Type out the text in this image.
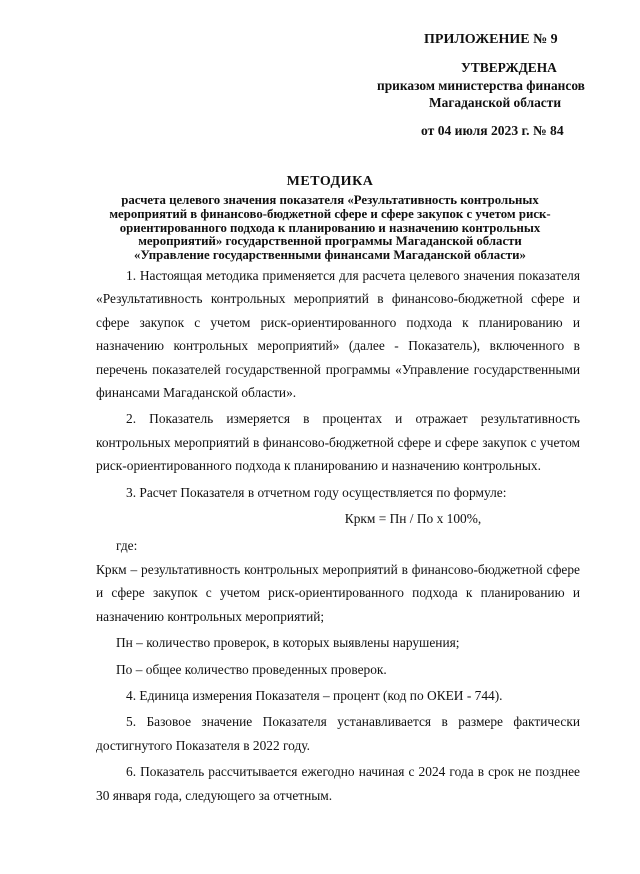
ПРИЛОЖЕНИЕ № 9
УТВЕРЖДЕНА
приказом министерства финансов
Магаданской области
от 04 июля 2023 г. № 84
МЕТОДИКА
расчета целевого значения показателя «Результативность контрольных мероприятий в финансово-бюджетной сфере и сфере закупок с учетом риск-ориентированного подхода к планированию и назначению контрольных мероприятий» государственной программы Магаданской области «Управление государственными финансами Магаданской области»

1. Настоящая методика применяется для расчета целевого значения показателя «Результативность контрольных мероприятий в финансово-бюджетной сфере и сфере закупок с учетом риск-ориентированного подхода к планированию и назначению контрольных мероприятий» (далее - Показатель), включенного в перечень показателей государственной программы «Управление государственными финансами Магаданской области».

2. Показатель измеряется в процентах и отражает результативность контрольных мероприятий в финансово-бюджетной сфере и сфере закупок с учетом риск-ориентированного подхода к планированию и назначению контрольных.

3. Расчет Показателя в отчетном году осуществляется по формуле:

Кркм = Пн / По х 100%,

где:

Кркм – результативность контрольных мероприятий в финансово-бюджетной сфере и сфере закупок с учетом риск-ориентированного подхода к планированию и назначению контрольных мероприятий;

Пн – количество проверок, в которых выявлены нарушения;

По – общее количество проведенных проверок.

4. Единица измерения Показателя – процент (код по ОКЕИ - 744).

5. Базовое значение Показателя устанавливается в размере фактически достигнутого Показателя в 2022 году.

6. Показатель рассчитывается ежегодно начиная с 2024 года в срок не позднее 30 января года, следующего за отчетным.
